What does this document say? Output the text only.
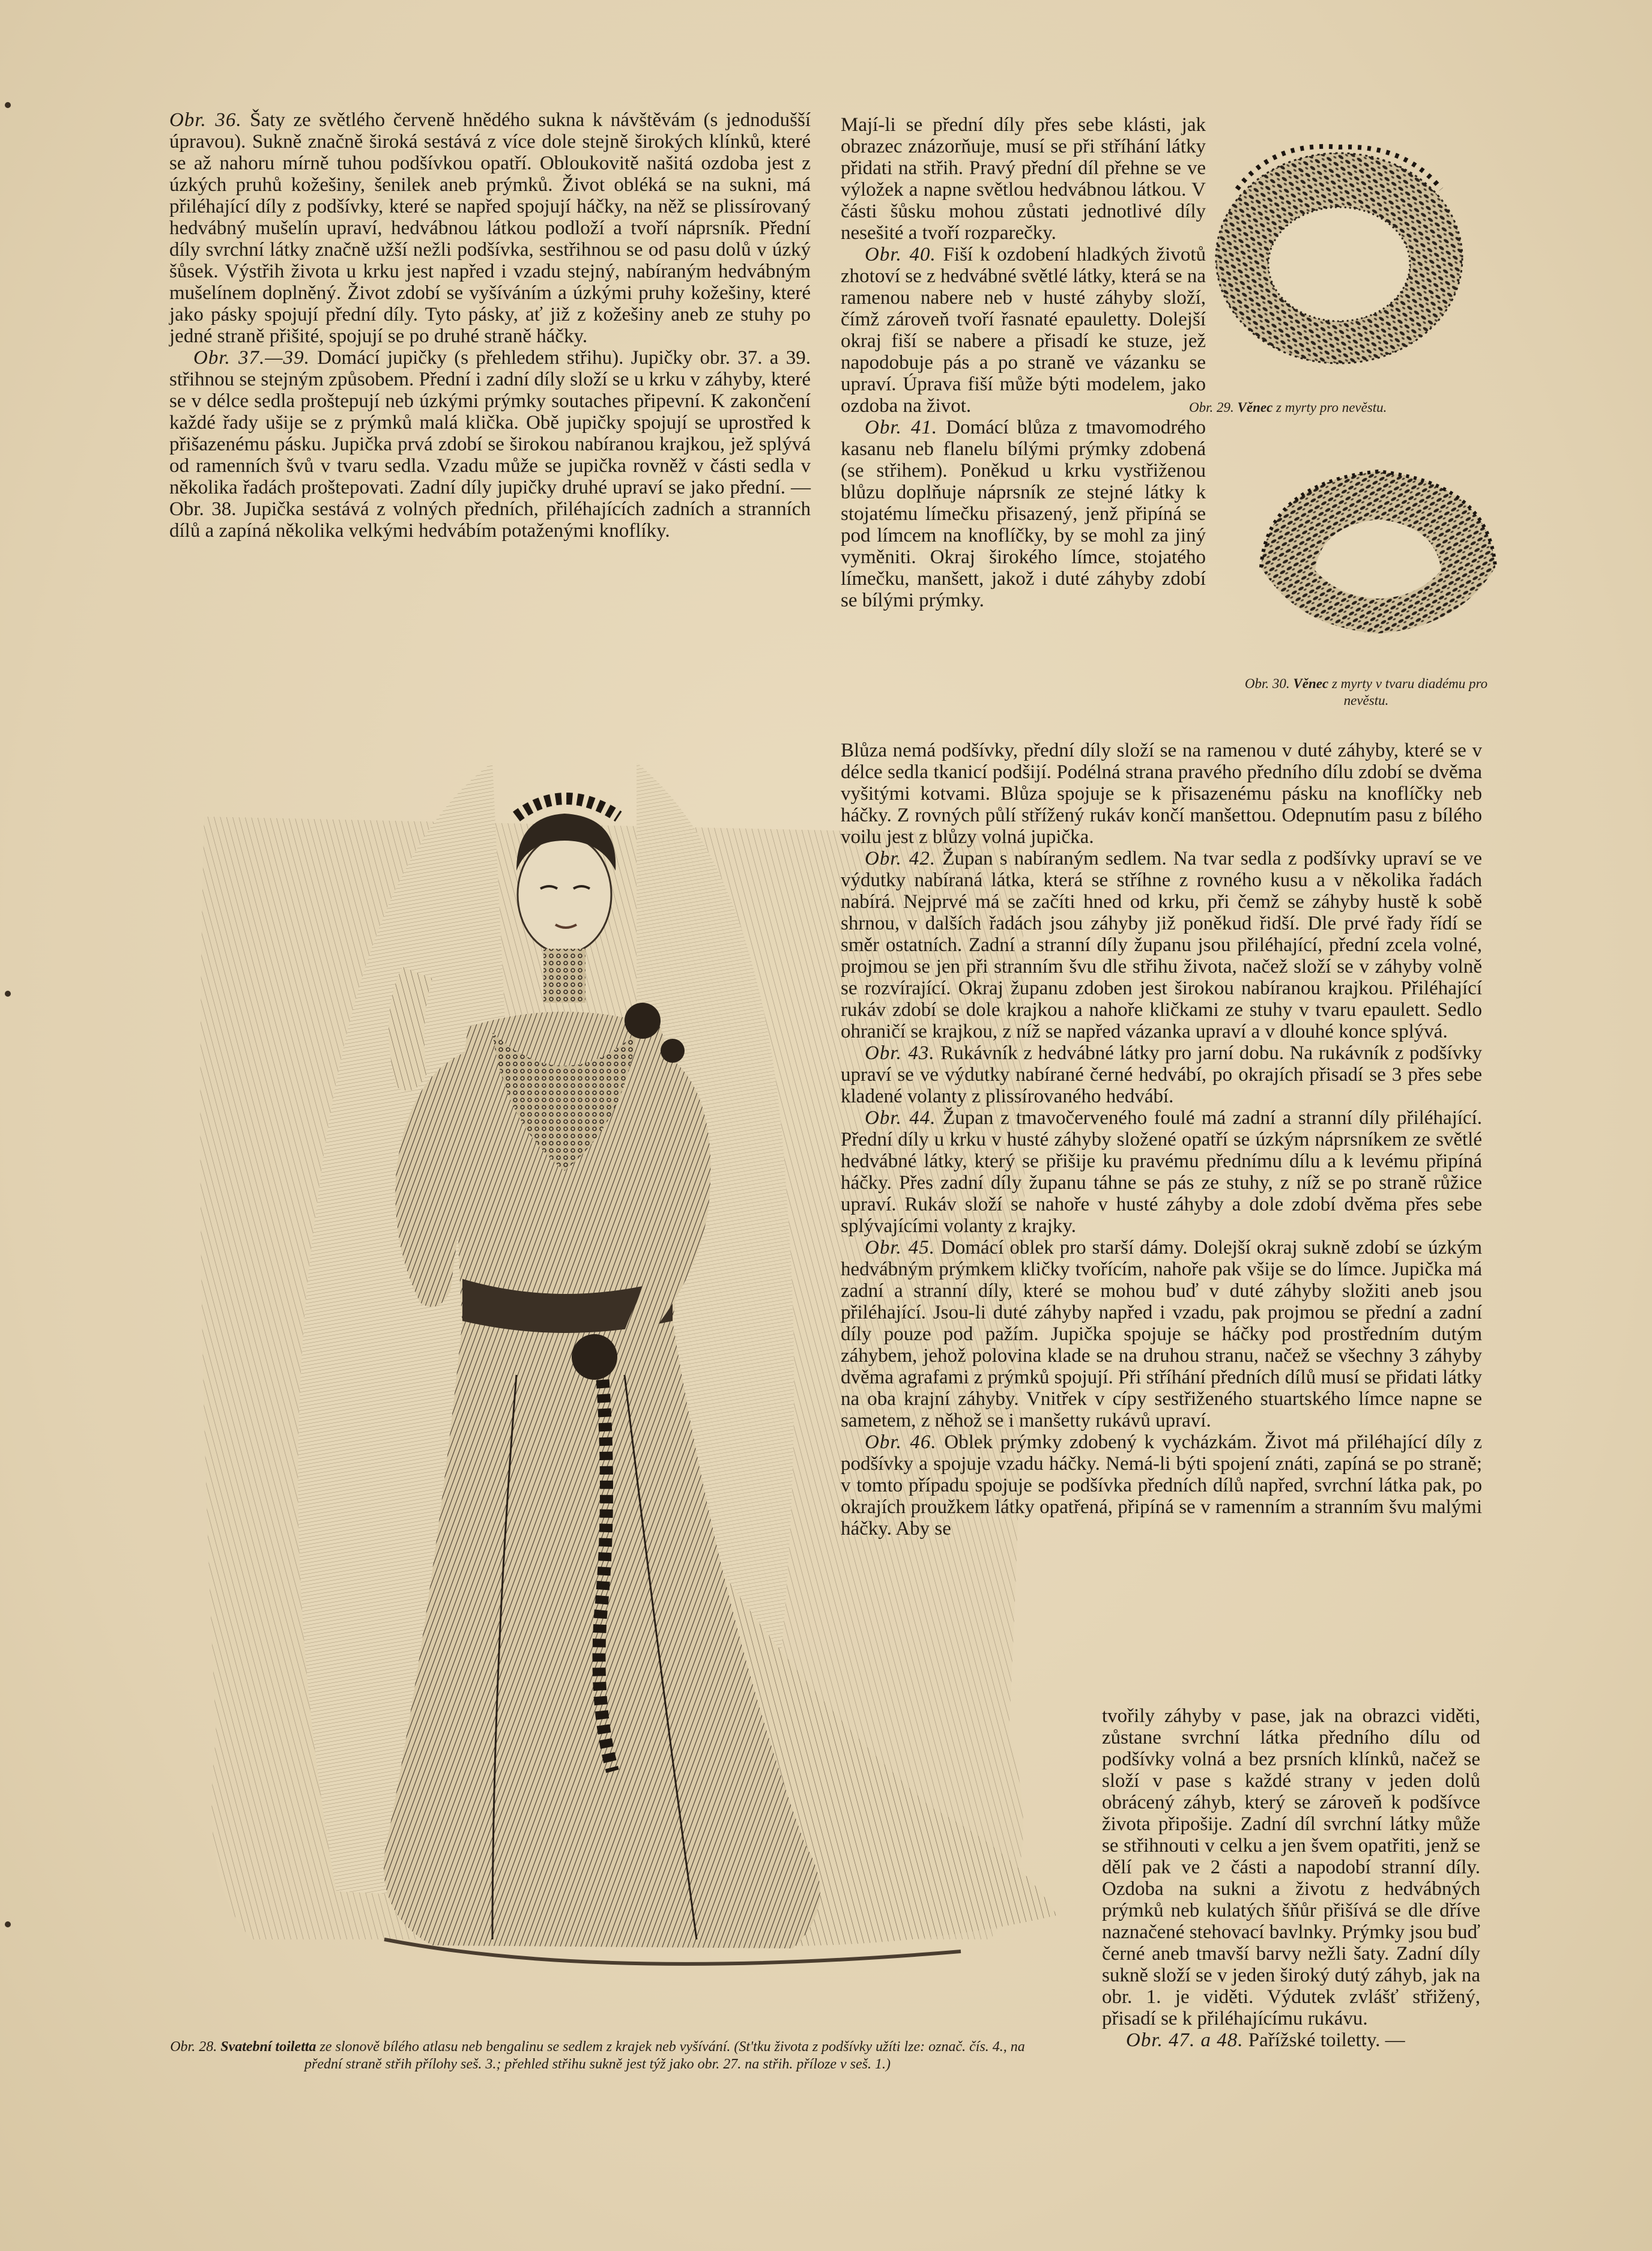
Obr. 36. Šaty ze světlého červeně hnědého sukna k návštěvám (s jednodušší úpravou). Sukně značně široká sestává z více dole stejně širokých klínků, které se až nahoru mírně tuhou podšívkou opatří. Obloukovitě našitá ozdoba jest z úzkých pruhů kožešiny, šenilek aneb prýmků. Život obléká se na sukni, má přiléhající díly z podšívky, které se napřed spojují háčky, na něž se plissírovaný hedvábný mušelín upraví, hedvábnou látkou podloží a tvoří náprsník. Přední díly svrchní látky značně užší nežli podšívka, sestřihnou se od pasu dolů v úzký šůsek. Výstřih života u krku jest napřed i vzadu stejný, nabíraným hedvábným mušelínem doplněný. Život zdobí se vyšíváním a úzkými pruhy kožešiny, které jako pásky spojují přední díly. Tyto pásky, ať již z kožešiny aneb ze stuhy po jedné straně přišité, spojují se po druhé straně háčky.

Obr. 37.—39. Domácí jupičky (s přehledem střihu). Jupičky obr. 37. a 39. střihnou se stejným způsobem. Přední i zadní díly složí se u krku v záhyby, které se v délce sedla proštepují neb úzkými prýmky soutaches připevní. K zakončení každé řady ušije se z prýmků malá klička. Obě jupičky spojují se uprostřed k přišazenému pásku. Jupička prvá zdobí se širokou nabíranou krajkou, jež splývá od ramenních švů v tvaru sedla. Vzadu může se jupička rovněž v části sedla v několika řadách proštepovati. Zadní díly jupičky druhé upraví se jako přední. — Obr. 38. Jupička sestává z volných předních, přiléhajících zadních a stranních dílů a zapíná několika velkými hedvábím potaženými knoflíky.

Mají-li se přední díly přes sebe klásti, jak obrazec znázorňuje, musí se při stříhání látky přidati na střih. Pravý přední díl přehne se ve výložek a napne světlou hedvábnou látkou. V části šůsku mohou zůstati jednotlivé díly nesešité a tvoří rozparečky.

Obr. 40. Fiší k ozdobení hladkých životů zhotoví se z hedvábné světlé látky, která se na ramenou nabere neb v husté záhyby složí, čímž zároveň tvoří řasnaté epauletty. Dolejší okraj fiší se nabere a přisadí ke stuze, jež napodobuje pás a po straně ve vázanku se upraví. Úprava fiší může býti modelem, jako ozdoba na život.

Obr. 41. Domácí blůza z tmavomodrého kasanu neb flanelu bílými prýmky zdobená (se střihem). Poněkud u krku vystřiženou blůzu doplňuje náprsník ze stejné látky k stojatému límečku přisazený, jenž připíná se pod límcem na knoflíčky, by se mohl za jiný vyměniti. Okraj širokého límce, stojatého límečku, manšett, jakož i duté záhyby zdobí se bílými prýmky.

Obr. 29. Věnec z myrty pro nevěstu.
Obr. 30. Věnec z myrty v tvaru diadému pro nevěstu.

Blůza nemá podšívky, přední díly složí se na ramenou v duté záhyby, které se v délce sedla tkanicí podšijí. Podélná strana pravého předního dílu zdobí se dvěma vyšitými kotvami. Blůza spojuje se k přisazenému pásku na knoflíčky neb háčky. Z rovných půlí střížený rukáv končí manšettou. Odepnutím pasu z bílého voilu jest z blůzy volná jupička.

Obr. 42. Župan s nabíraným sedlem. Na tvar sedla z podšívky upraví se ve výdutky nabíraná látka, která se stříhne z rovného kusu a v několika řadách nabírá. Nejprvé má se začíti hned od krku, při čemž se záhyby hustě k sobě shrnou, v dalších řadách jsou záhyby již poněkud řidší. Dle prvé řady řídí se směr ostatních. Zadní a stranní díly županu jsou přiléhající, přední zcela volné, projmou se jen při stranním švu dle střihu života, načež složí se v záhyby volně se rozvírající. Okraj županu zdoben jest širokou nabíranou krajkou. Přiléhající rukáv zdobí se dole krajkou a nahoře kličkami ze stuhy v tvaru epaulett. Sedlo ohraničí se krajkou, z níž se napřed vázanka upraví a v dlouhé konce splývá.

Obr. 43. Rukávník z hedvábné látky pro jarní dobu. Na rukávník z podšívky upraví se ve výdutky nabírané černé hedvábí, po okrajích přisadí se 3 přes sebe kladené volanty z plissírovaného hedvábí.

Obr. 44. Župan z tmavočerveného foulé má zadní a stranní díly přiléhající. Přední díly u krku v husté záhyby složené opatří se úzkým náprsníkem ze světlé hedvábné látky, který se přišije ku pravému přednímu dílu a k levému připíná háčky. Přes zadní díly županu táhne se pás ze stuhy, z níž se po straně růžice upraví. Rukáv složí se nahoře v husté záhyby a dole zdobí dvěma přes sebe splývajícími volanty z krajky.

Obr. 45. Domácí oblek pro starší dámy. Dolejší okraj sukně zdobí se úzkým hedvábným prýmkem kličky tvořícím, nahoře pak všije se do límce. Jupička má zadní a stranní díly, které se mohou buď v duté záhyby složiti aneb jsou přiléhající. Jsou-li duté záhyby napřed i vzadu, pak projmou se přední a zadní díly pouze pod pažím. Jupička spojuje se háčky pod prostředním dutým záhybem, jehož polovina klade se na druhou stranu, načež se všechny 3 záhyby dvěma agrafami z prýmků spojují. Při stříhání předních dílů musí se přidati látky na oba krajní záhyby. Vnitřek v cípy sestřiženého stuartského límce napne se sametem, z něhož se i manšetty rukávů upraví.

Obr. 46. Oblek prýmky zdobený k vycházkám. Život má přiléhající díly z podšívky a spojuje vzadu háčky. Nemá-li býti spojení znáti, zapíná se po straně; v tomto případu spojuje se podšívka předních dílů napřed, svrchní látka pak, po okrajích proužkem látky opatřená, připíná se v ramenním a stranním švu malými háčky. Aby se

tvořily záhyby v pase, jak na obrazci viděti, zůstane svrchní látka předního dílu od podšívky volná a bez prsních klínků, načež se složí v pase s každé strany v jeden dolů obrácený záhyb, který se zároveň k podšívce života připošije. Zadní díl svrchní látky může se střihnouti v celku a jen švem opatřiti, jenž se dělí pak ve 2 části a napodobí stranní díly. Ozdoba na sukni a životu z hedvábných prýmků neb kulatých šňůr přišívá se dle dříve naznačené stehovací bavlnky. Prýmky jsou buď černé aneb tmavší barvy nežli šaty. Zadní díly sukně složí se v jeden široký dutý záhyb, jak na obr. 1. je viděti. Výdutek zvlášť střižený, přisadí se k přiléhajícímu rukávu.

Obr. 47. a 48. Pařížské toiletty. —

Obr. 28. Svatební toiletta ze slonově bílého atlasu neb bengalinu se sedlem z krajek neb vyšívání. (St'tku života z podšívky užíti lze: označ. čís. 4., na přední straně střih přílohy seš. 3.; přehled střihu sukně jest týž jako obr. 27. na střih. příloze v seš. 1.)
